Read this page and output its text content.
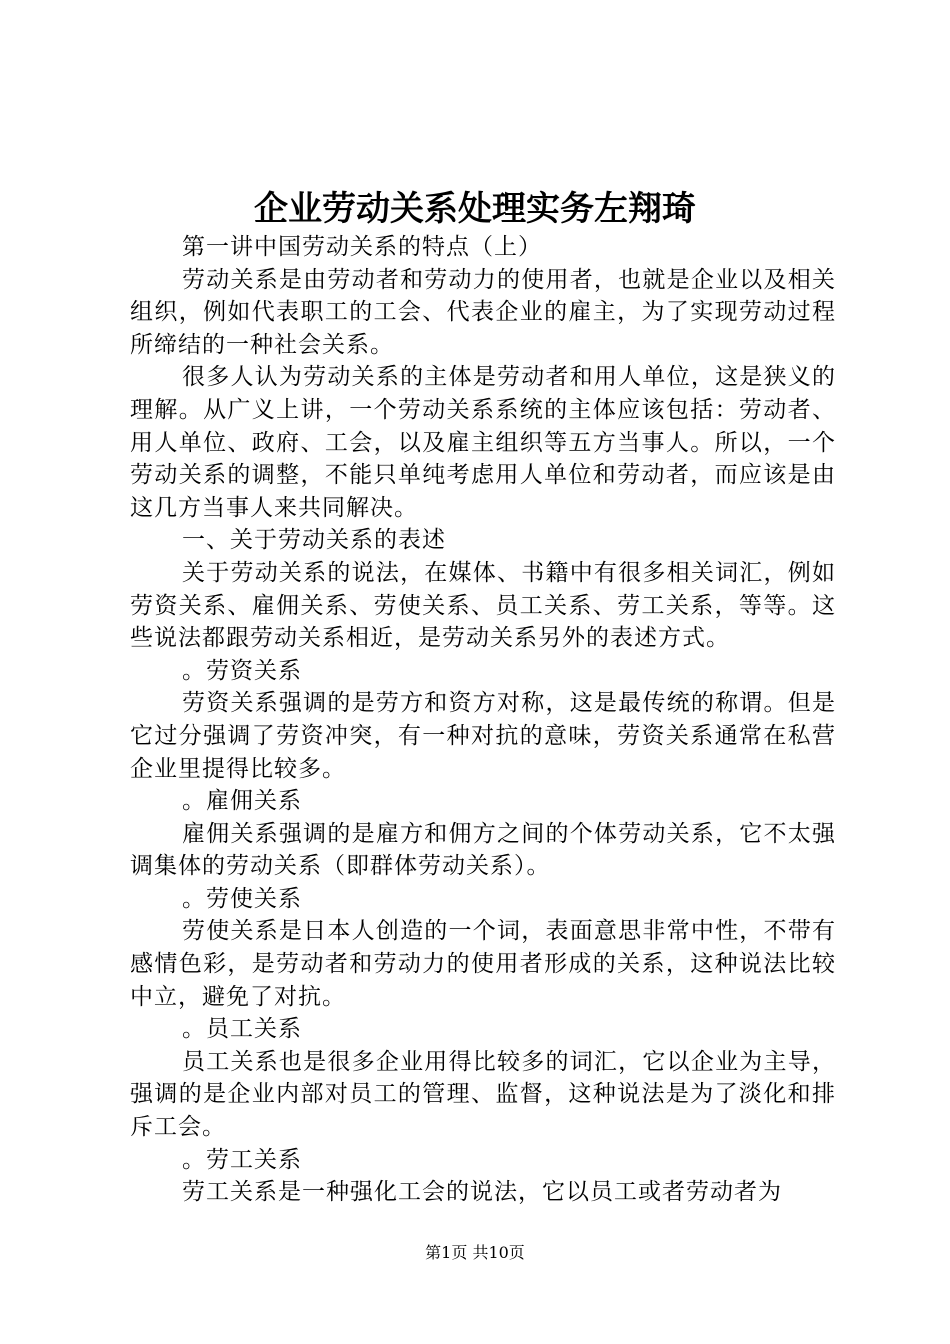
企业劳动关系处理实务左翔琦

第一讲中国劳动关系的特点（上）

劳动关系是由劳动者和劳动力的使用者，也就是企业以及相关组织，例如代表职工的工会、代表企业的雇主，为了实现劳动过程所缔结的一种社会关系。

很多人认为劳动关系的主体是劳动者和用人单位，这是狭义的理解。从广义上讲，一个劳动关系系统的主体应该包括：劳动者、用人单位、政府、工会，以及雇主组织等五方当事人。所以，一个劳动关系的调整，不能只单纯考虑用人单位和劳动者，而应该是由这几方当事人来共同解决。

一、关于劳动关系的表述

关于劳动关系的说法，在媒体、书籍中有很多相关词汇，例如劳资关系、雇佣关系、劳使关系、员工关系、劳工关系，等等。这些说法都跟劳动关系相近，是劳动关系另外的表述方式。

。劳资关系

劳资关系强调的是劳方和资方对称，这是最传统的称谓。但是它过分强调了劳资冲突，有一种对抗的意味，劳资关系通常在私营企业里提得比较多。

。雇佣关系

雇佣关系强调的是雇方和佣方之间的个体劳动关系，它不太强调集体的劳动关系（即群体劳动关系）。

。劳使关系

劳使关系是日本人创造的一个词，表面意思非常中性，不带有感情色彩，是劳动者和劳动力的使用者形成的关系，这种说法比较中立，避免了对抗。

。员工关系

员工关系也是很多企业用得比较多的词汇，它以企业为主导，强调的是企业内部对员工的管理、监督，这种说法是为了淡化和排斥工会。

。劳工关系

劳工关系是一种强化工会的说法，它以员工或者劳动者为

第1页 共10页
